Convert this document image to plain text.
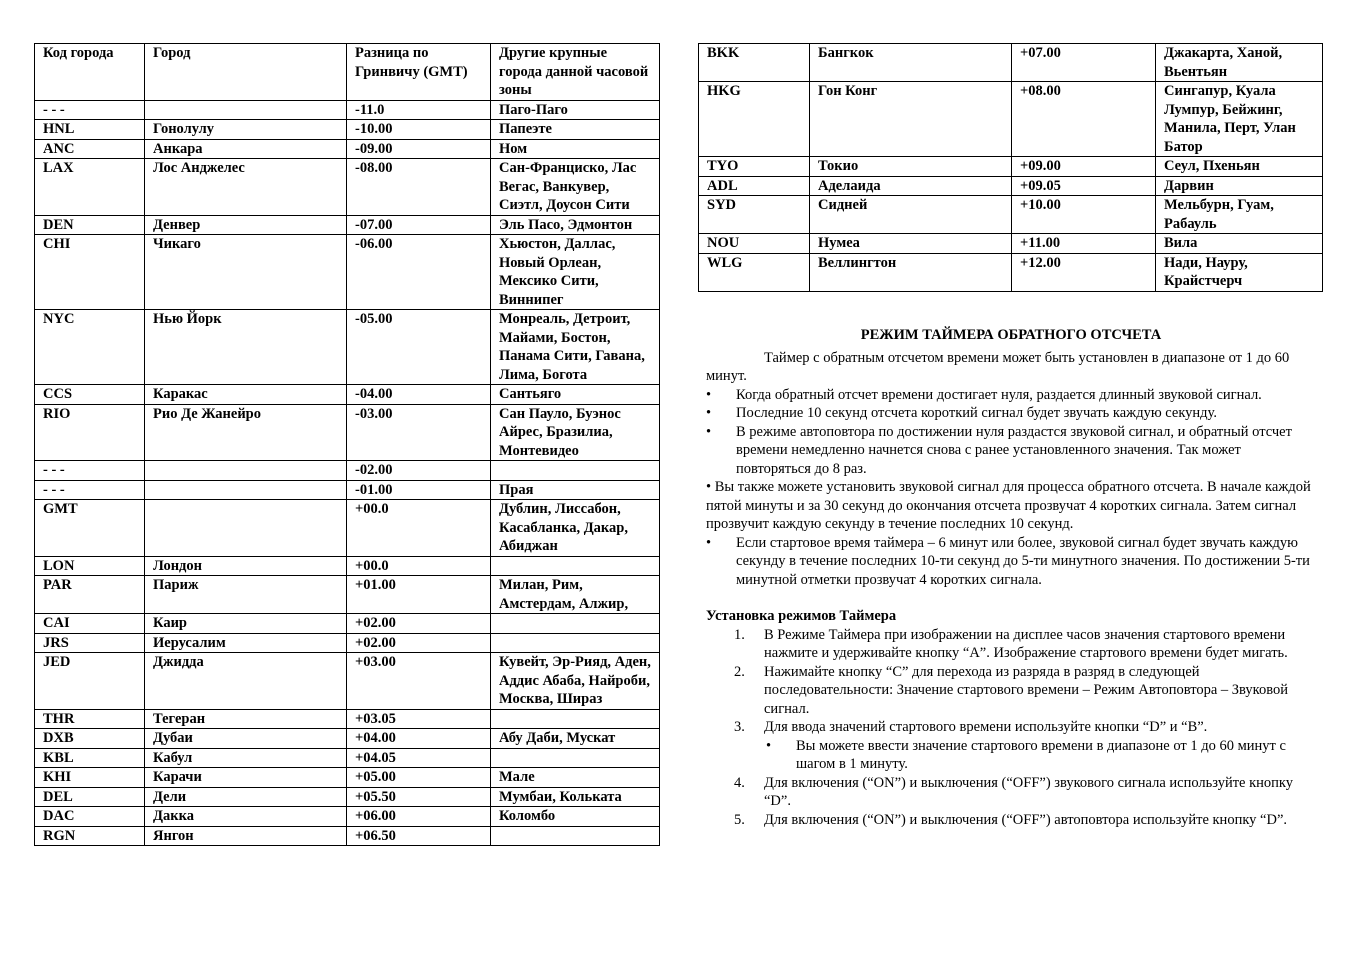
Код города	Город	Разница по Гринвичу (GMT)	Другие крупные города данной часовой зоны
- - -		-11.0	Паго-Паго
HNL	Гонолулу	-10.00	Папеэте
ANC	Анкара	-09.00	Ном
LAX	Лос Анджелес	-08.00	Сан-Франциско, Лас Вегас, Ванкувер, Сиэтл, Доусон Сити
DEN	Денвер	-07.00	Эль Пасо, Эдмонтон
CHI	Чикаго	-06.00	Хьюстон, Даллас, Новый Орлеан, Мексико Сити, Виннипег
NYC	Нью Йорк	-05.00	Монреаль, Детроит, Майами, Бостон, Панама Сити, Гавана, Лима, Богота
CCS	Каракас	-04.00	Сантьяго
RIO	Рио Де Жанейро	-03.00	Сан Пауло, Буэнос Айрес, Бразилиа, Монтевидео
- - -		-02.00	
- - -		-01.00	Прая
GMT		+00.0	Дублин, Лиссабон, Касабланка, Дакар, Абиджан
LON	Лондон	+00.0	
PAR	Париж	+01.00	Милан, Рим, Амстердам, Алжир,
CAI	Каир	+02.00	
JRS	Иерусалим	+02.00	
JED	Джидда	+03.00	Кувейт, Эр-Рияд, Аден, Аддис Абаба, Найроби, Москва, Шираз
THR	Тегеран	+03.05	
DXB	Дубаи	+04.00	Абу Даби, Мускат
KBL	Кабул	+04.05	
KHI	Карачи	+05.00	Мале
DEL	Дели	+05.50	Мумбаи, Кольката
DAC	Дакка	+06.00	Коломбо
RGN	Янгон	+06.50	
BKK	Бангкок	+07.00	Джакарта, Ханой, Вьентьян
HKG	Гон Конг	+08.00	Сингапур, Куала Лумпур, Бейжинг, Манила, Перт, Улан Батор
TYO	Токио	+09.00	Сеул, Пхеньян
ADL	Аделаида	+09.05	Дарвин
SYD	Сидней	+10.00	Мельбурн, Гуам, Рабауль
NOU	Нумеа	+11.00	Вила
WLG	Веллингтон	+12.00	Нади, Науру, Крайстчерч

РЕЖИМ ТАЙМЕРА ОБРАТНОГО ОТСЧЕТА

Таймер с обратным отсчетом времени может быть установлен в диапазоне от 1 до 60 минут.

•	Когда обратный отсчет времени достигает нуля, раздается длинный звуковой сигнал.

•	Последние 10 секунд отсчета короткий сигнал будет звучать каждую секунду.

•	В режиме автоповтора по достижении нуля раздастся звуковой сигнал, и обратный отсчет времени немедленно начнется снова с ранее установленного значения. Так может повторяться до 8 раз.

• Вы также можете установить звуковой сигнал для процесса обратного отсчета. В начале каждой пятой минуты и за 30 секунд до окончания отсчета прозвучат 4 коротких сигнала. Затем сигнал прозвучит каждую секунду в течение последних 10 секунд.

•	Если стартовое время таймера – 6 минут или более, звуковой сигнал будет звучать каждую секунду в течение последних 10-ти секунд до 5-ти минутного значения. По достижении 5-ти минутной отметки прозвучат 4 коротких сигнала.

Установка режимов Таймера

1. В Режиме Таймера при изображении на дисплее часов значения стартового времени нажмите и удерживайте кнопку “A”. Изображение стартового времени будет мигать.

2. Нажимайте кнопку “C” для перехода из разряда в разряд в следующей последовательности: Значение стартового времени – Режим Автоповтора – Звуковой сигнал.

3. Для ввода значений стартового времени используйте кнопки “D” и “B”.

• Вы можете ввести значение стартового времени в диапазоне от 1 до 60 минут с шагом в 1 минуту.

4. Для включения (“ON”) и выключения (“OFF”) звукового сигнала используйте кнопку “D”.

5. Для включения (“ON”) и выключения (“OFF”) автоповтора используйте кнопку “D”.
